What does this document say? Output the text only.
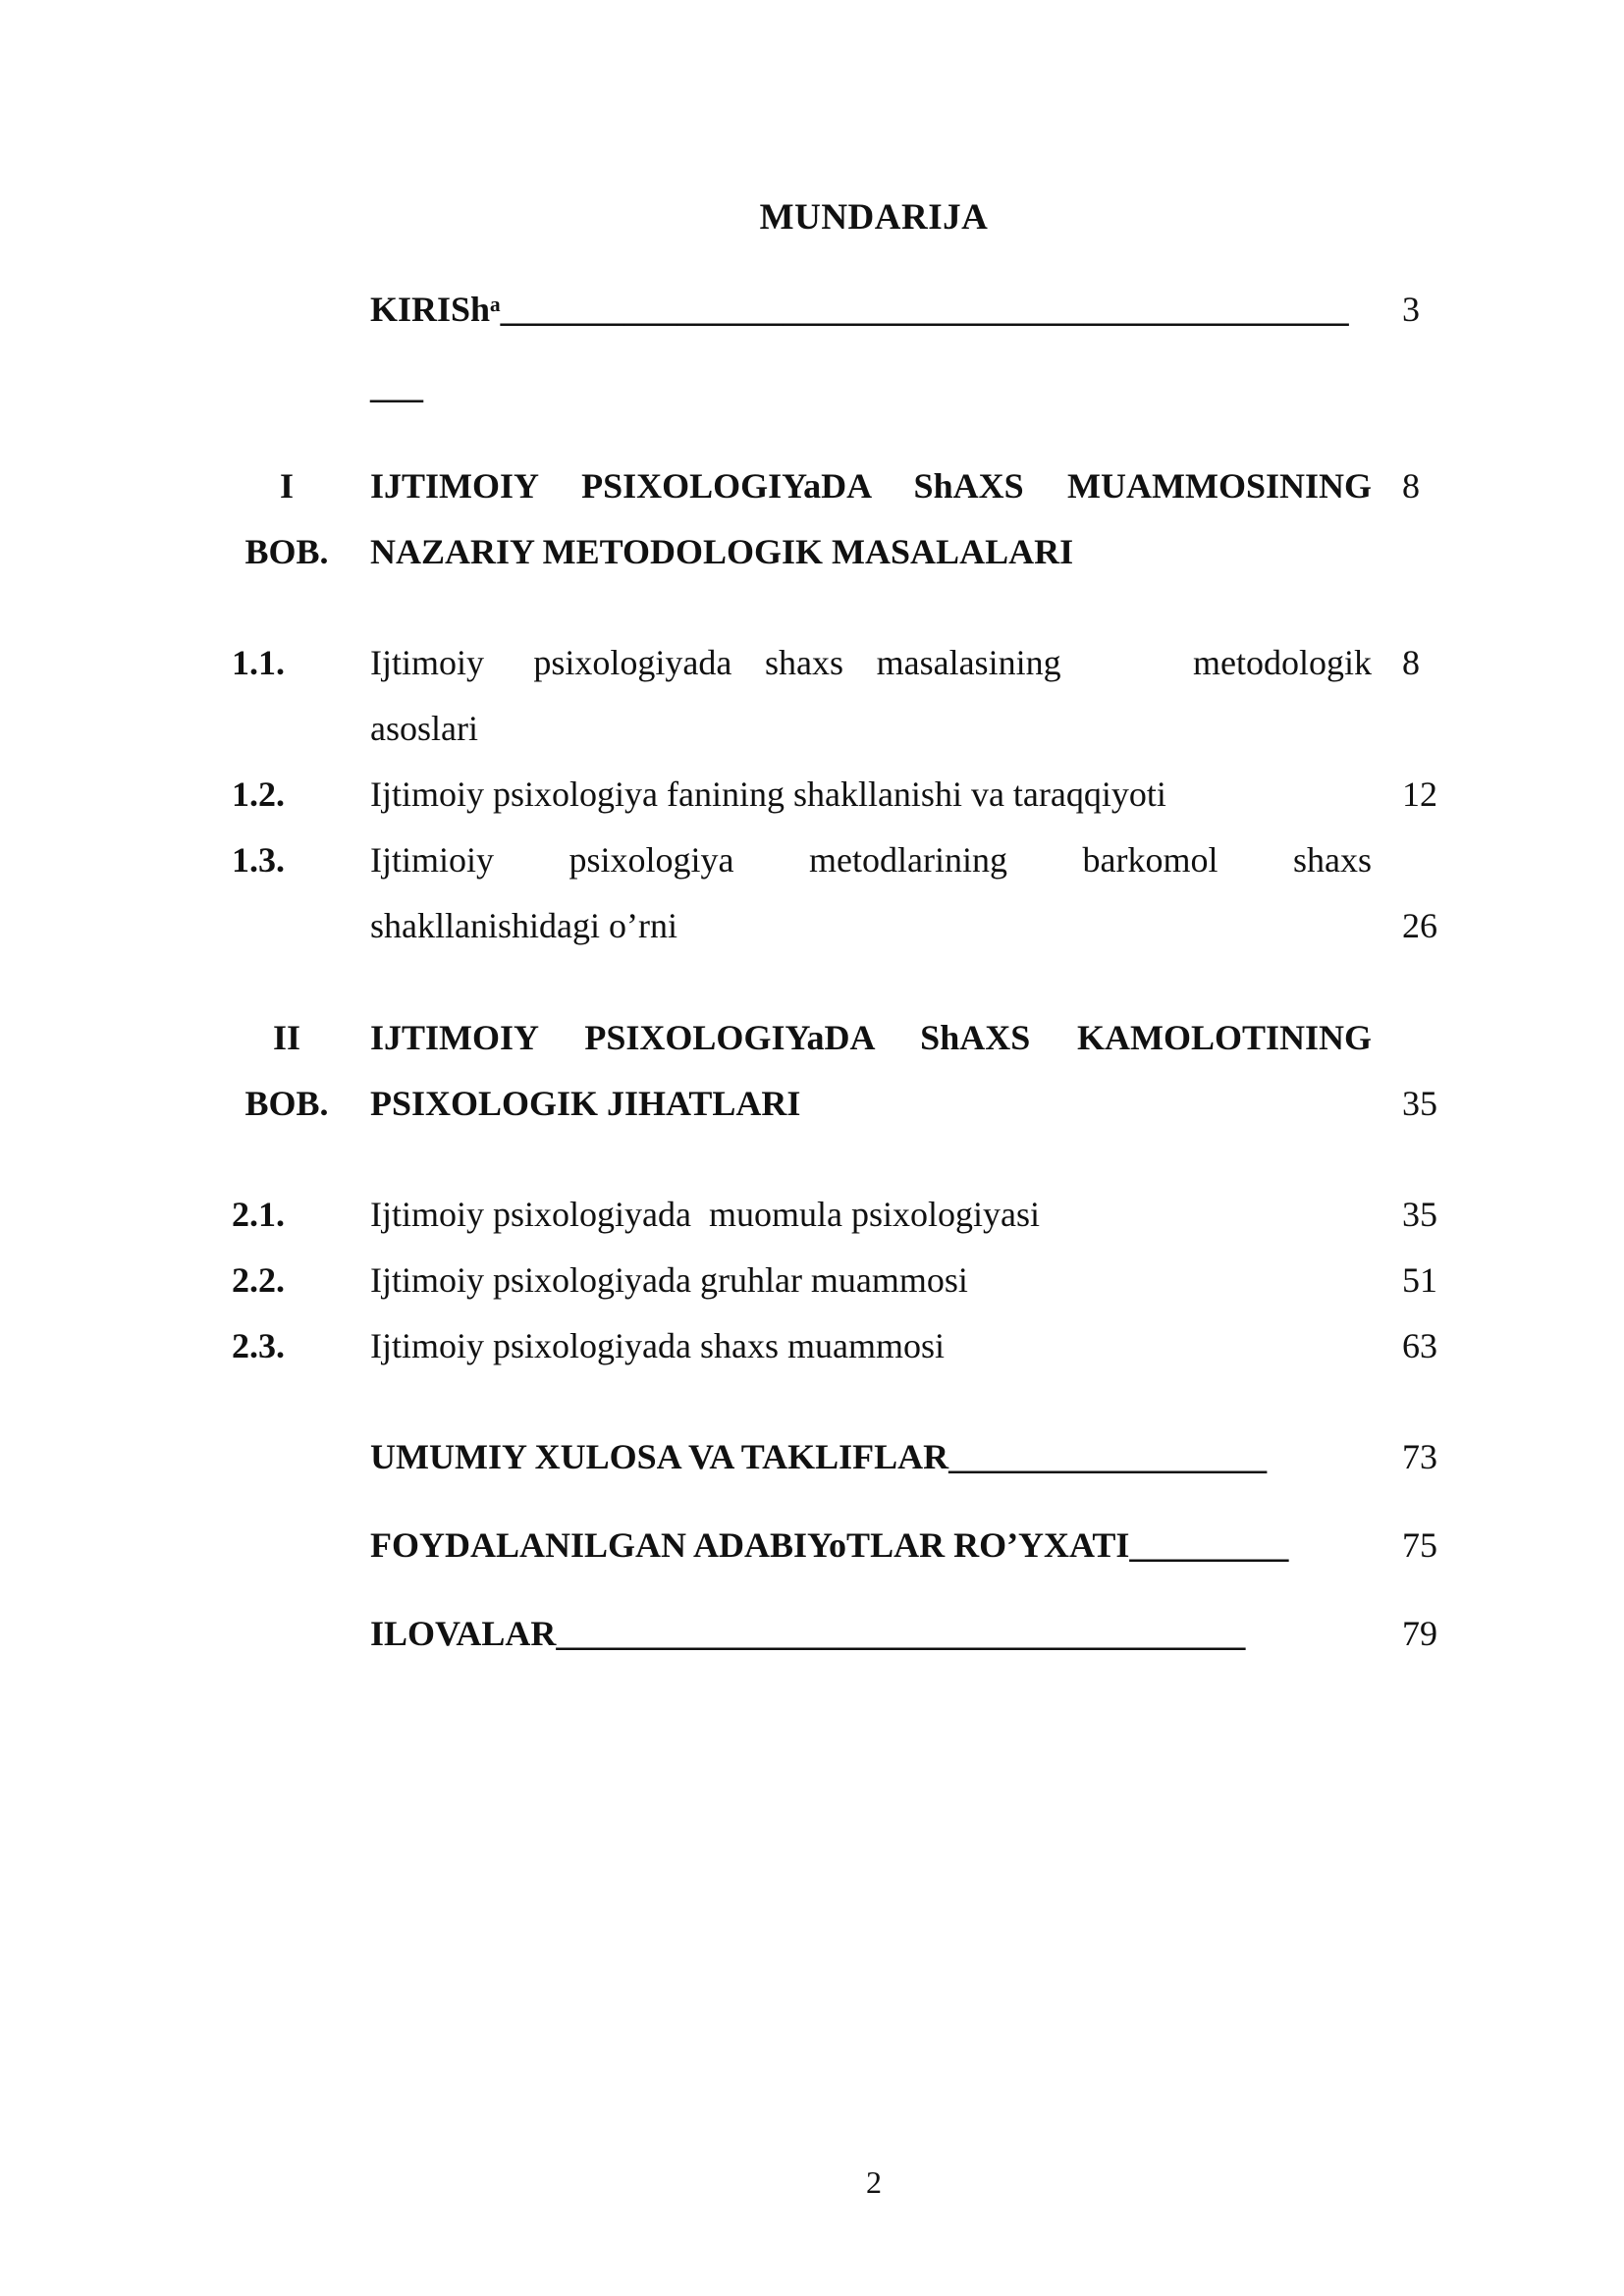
MUNDARIJA
KIRIShͣ________________________________________________	3
___
I	IJTIMOIY PSIXOLOGIYaDA ShAXS MUAMMOSINING 8
BOB.	NAZARIY METODOLOGIK MASALALARI
1.1.	Ijtimoiy   psixologiyada  shaxs  masalasining        metodologik 8
asoslari
1.2.	Ijtimoiy psixologiya fanining shakllanishi va taraqqiyoti	12
1.3.	Ijtimioiy psixologiya metodlarining barkomol shaxs
shakllanishidagi o’rni	26
II	IJTIMOIY PSIXOLOGIYaDA ShAXS KAMOLOTINING
BOB.	PSIXOLOGIK JIHATLARI	35
2.1.	Ijtimoiy psixologiyada  muomula psixologiyasi	35
2.2.	Ijtimoiy psixologiyada gruhlar muammosi	51
2.3.	Ijtimoiy psixologiyada shaxs muammosi	63
UMUMIY XULOSA VA TAKLIFLAR__________________	73
FOYDALANILGAN ADABIYoTLAR RO’YXATI_________	75
ILOVALAR_______________________________________	79
2
